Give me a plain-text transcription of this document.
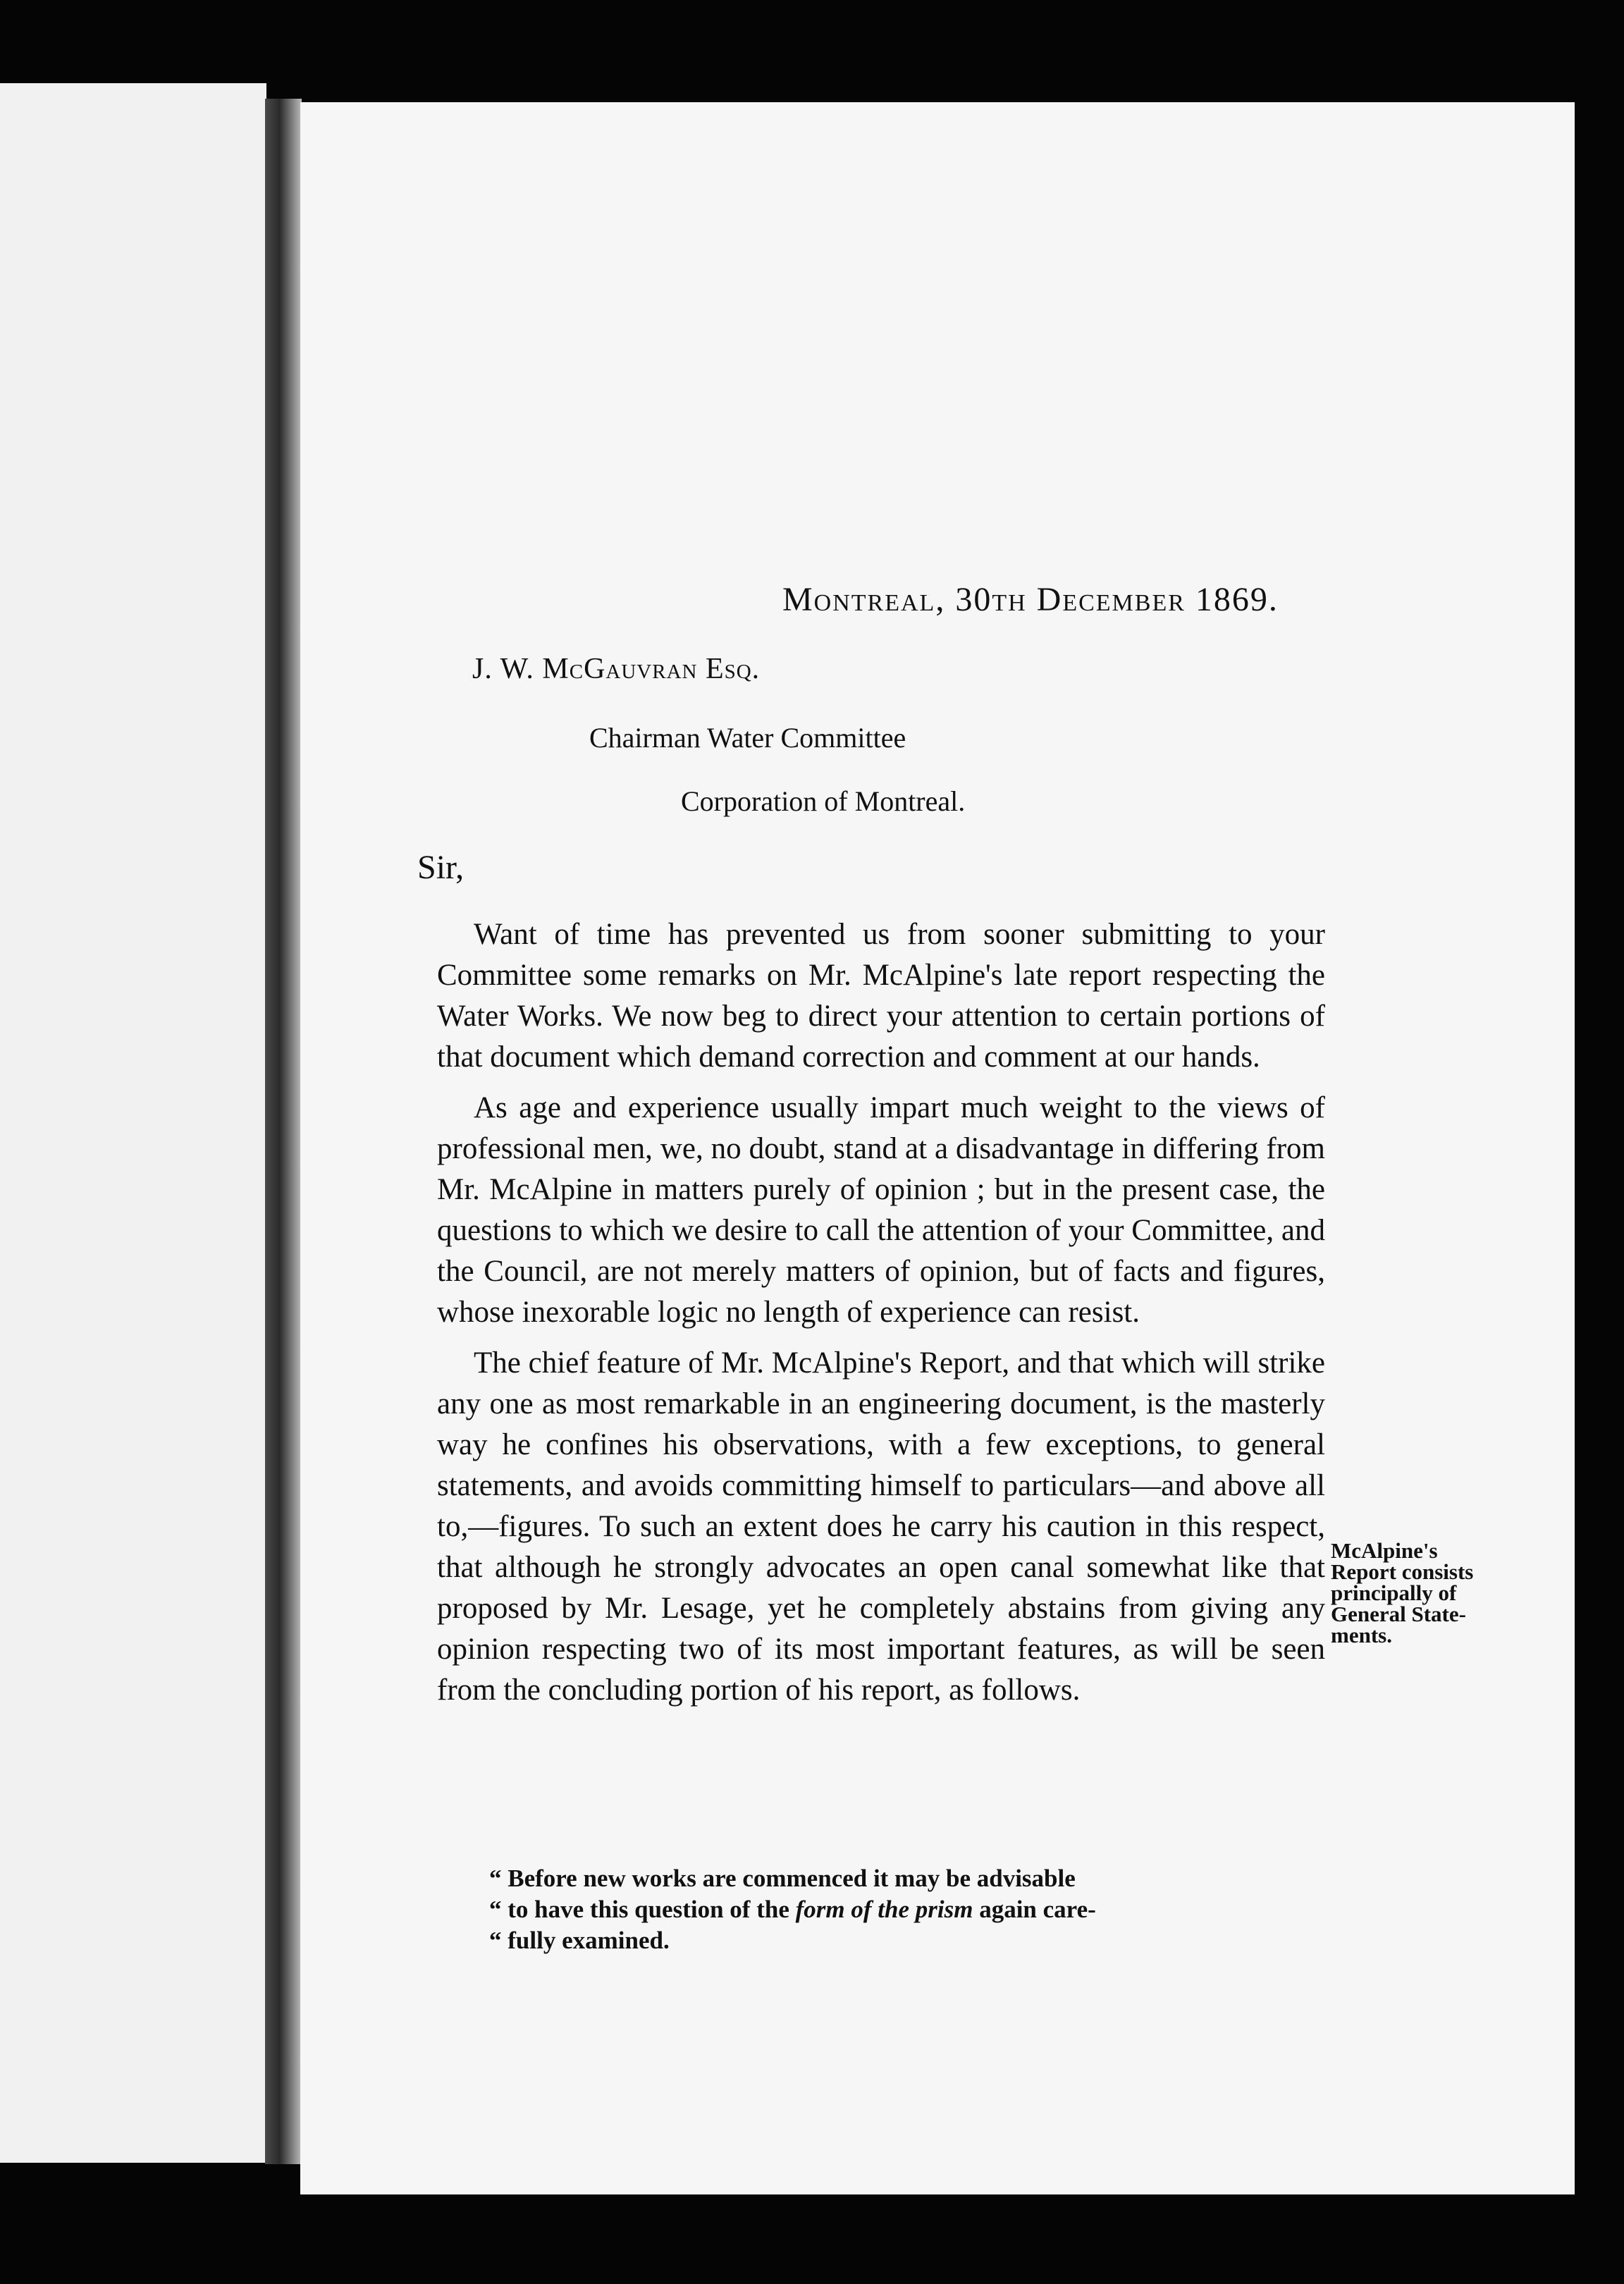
Montreal, 30th December 1869.
J. W. McGauvran Esq.
Chairman Water Committee
Corporation of Montreal.
Sir,

Want of time has prevented us from sooner submitting to your Committee some remarks on Mr. McAlpine's late report respecting the Water Works. We now beg to direct your attention to certain portions of that document which demand correction and comment at our hands.

As age and experience usually impart much weight to the views of professional men, we, no doubt, stand at a disadvantage in differing from Mr. McAlpine in matters purely of opinion ; but in the present case, the questions to which we desire to call the attention of your Committee, and the Council, are not merely matters of opinion, but of facts and figures, whose inexorable logic no length of experience can resist.

The chief feature of Mr. McAlpine's Report, and that which will strike any one as most remarkable in an engineering document, is the masterly way he confines his observations, with a few exceptions, to general statements, and avoids committing himself to particulars—and above all to,—figures. To such an extent does he carry his caution in this respect, that although he strongly advocates an open canal somewhat like that proposed by Mr. Lesage, yet he completely abstains from giving any opinion respecting two of its most important features, as will be seen from the concluding portion of his report, as follows.

McAlpine's
Report consists
principally of
General State-
ments.
“ Before new works are commenced it may be advisable
“ to have this question of the form of the prism again care-
“ fully examined.
